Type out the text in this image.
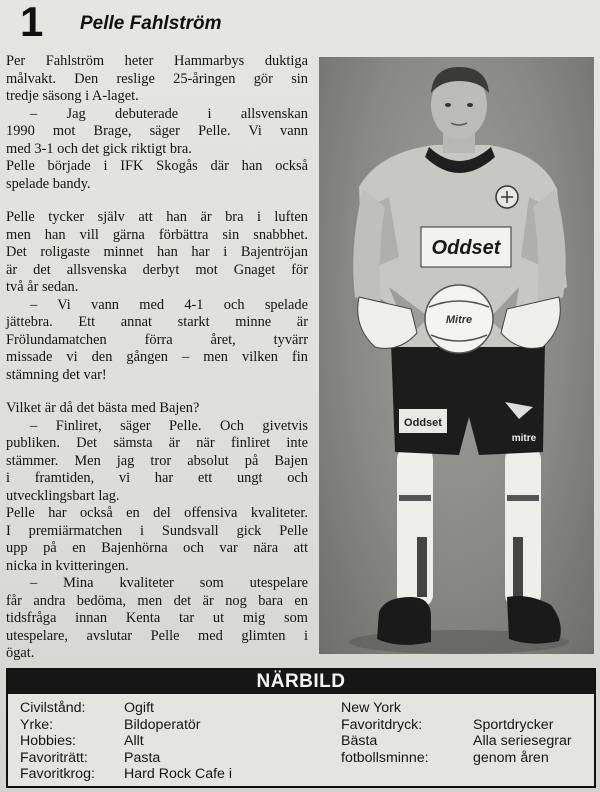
1 Pelle Fahlström

Per Fahlström heter Hammarbys duktiga
målvakt. Den reslige 25-åringen gör sin
tredje säsong i A-laget.
– Jag debuterade i allsvenskan
1990 mot Brage, säger Pelle. Vi vann
med 3-1 och det gick riktigt bra.
Pelle började i IFK Skogås där han också
spelade bandy.

Pelle tycker själv att han är bra i luften
men han vill gärna förbättra sin snabbhet.
Det roligaste minnet han har i Bajentröjan
är det allsvenska derbyt mot Gnaget för
två år sedan.
– Vi vann med 4-1 och spelade
jättebra. Ett annat starkt minne är
Frölundamatchen förra året, tyvärr
missade vi den gången – men vilken fin
stämning det var!

Vilket är då det bästa med Bajen?
– Finliret, säger Pelle. Och givetvis
publiken. Det sämsta är när finliret inte
stämmer. Men jag tror absolut på Bajen
i framtiden, vi har ett ungt och
utvecklingsbart lag.
Pelle har också en del offensiva kvaliteter.
I premiärmatchen i Sundsvall gick Pelle
upp på en Bajenhörna och var nära att
nicka in kvitteringen.
– Mina kvaliteter som utespelare
får andra bedöma, men det är nog bara en
tidsfråga innan Kenta tar ut mig som
utespelare, avslutar Pelle med glimten i
ögat.

Oddset
mitre
Oddset
Mitre
NÄRBILD
Civilstånd:	Ogift
Yrke:	Bildoperatör
Hobbies:	Allt
Favoriträtt:	Pasta
Favoritkrog:	Hard Rock Cafe i
New York
Favoritdryck:	Sportdrycker
Bästa fotbollsminne:
Alla seriesegrar genom åren
